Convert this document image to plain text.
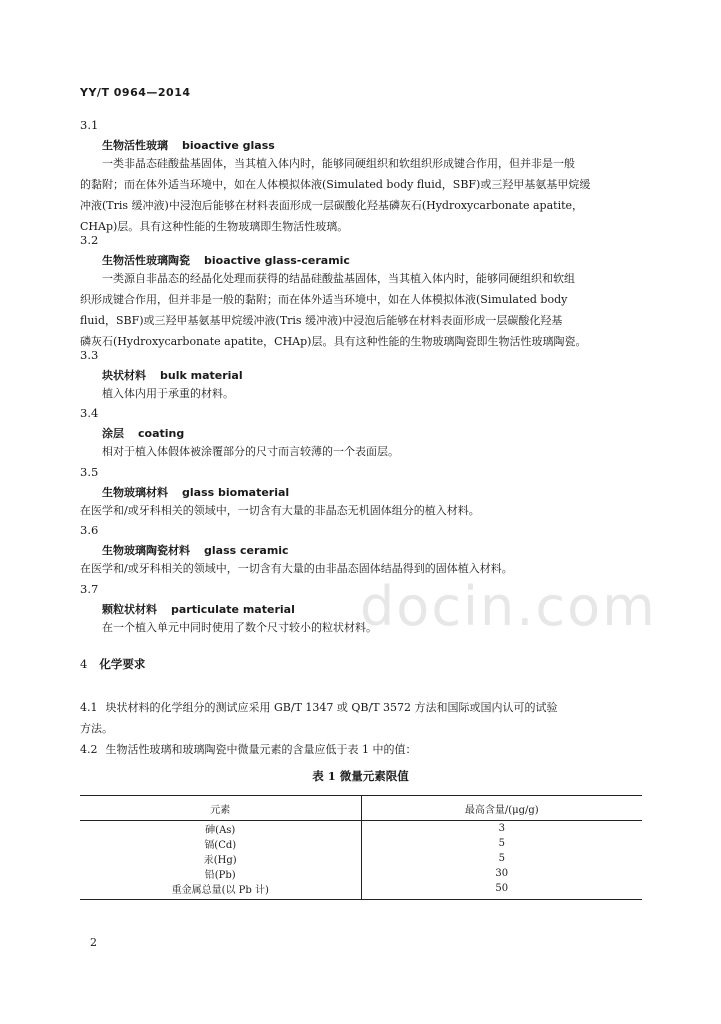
YY/T 0964—2014
3.1
生物活性玻璃 bioactive glass
一类非晶态硅酸盐基固体，当其植入体内时，能够同硬组织和软组织形成键合作用，但并非是一般
的黏附；而在体外适当环境中，如在人体模拟体液(Simulated body fluid，SBF)或三羟甲基氨基甲烷缓
冲液(Tris 缓冲液)中浸泡后能够在材料表面形成一层碳酸化羟基磷灰石(Hydroxycarbonate apatite，
CHAp)层。具有这种性能的生物玻璃即生物活性玻璃。
3.2
生物活性玻璃陶瓷 bioactive glass-ceramic
一类源自非晶态的经晶化处理而获得的结晶硅酸盐基固体，当其植入体内时，能够同硬组织和软组
织形成键合作用，但并非是一般的黏附；而在体外适当环境中，如在人体模拟体液(Simulated body
fluid，SBF)或三羟甲基氨基甲烷缓冲液(Tris 缓冲液)中浸泡后能够在材料表面形成一层碳酸化羟基
磷灰石(Hydroxycarbonate apatite，CHAp)层。具有这种性能的生物玻璃陶瓷即生物活性玻璃陶瓷。
3.3
块状材料 bulk material
植入体内用于承重的材料。
3.4
涂层 coating
相对于植入体假体被涂覆部分的尺寸而言较薄的一个表面层。
3.5
生物玻璃材料 glass biomaterial
在医学和/或牙科相关的领域中，一切含有大量的非晶态无机固体组分的植入材料。
3.6
生物玻璃陶瓷材料 glass ceramic
在医学和/或牙科相关的领域中，一切含有大量的由非晶态固体结晶得到的固体植入材料。
3.7
颗粒状材料 particulate material
在一个植入单元中同时使用了数个尺寸较小的粒状材料。
docin.com
4 化学要求
4.1 块状材料的化学组分的测试应采用 GB/T 1347 或 QB/T 3572 方法和国际或国内认可的试验
方法。
4.2 生物活性玻璃和玻璃陶瓷中微量元素的含量应低于表 1 中的值：
表 1 微量元素限值
元素	最高含量/(μg/g)
砷(As)	3
镉(Cd)	5
汞(Hg)	5
铅(Pb)	30
重金属总量(以 Pb 计)	50
2
